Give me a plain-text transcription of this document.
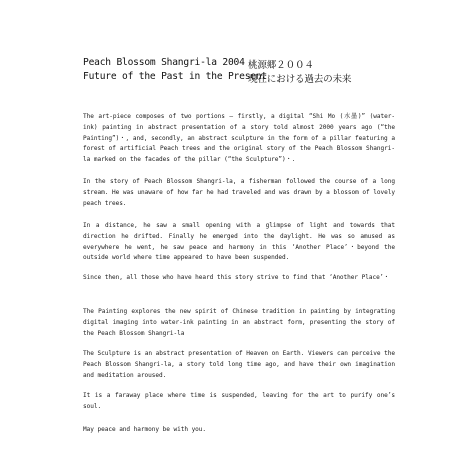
Peach Blossom Shangri-la 2004 桃源郷２００４
Future of the Past in the Present
現在における過去の未来
The art-piece composes of two portions – firstly, a digital “Shi Mo (水墨)” (water-ink) painting in abstract presentation of a story told almost 2000 years ago (“the Painting”)・, and, secondly, an abstract sculpture in the form of a pillar featuring a forest of artificial Peach trees and the original story of the Peach Blossom Shangri-la marked on the facades of the pillar (“the Sculpture”)・.
In the story of Peach Blossom Shangri-la, a fisherman followed the course of a long stream. He was unaware of how far he had traveled and was drawn by a blossom of lovely peach trees.
In a distance, he saw a small opening with a glimpse of light and towards that direction he drifted. Finally he emerged into the daylight. He was so amused as everywhere he went, he saw peace and harmony in this ‘Another Place’・beyond the outside world where time appeared to have been suspended.
Since then, all those who have heard this story strive to find that ‘Another Place’・
The Painting explores the new spirit of Chinese tradition in painting by integrating digital imaging into water-ink painting in an abstract form, presenting the story of the Peach Blossom Shangri-la
The Sculpture is an abstract presentation of Heaven on Earth. Viewers can perceive the Peach Blossom Shangri-la, a story told long time ago, and have their own imagination and meditation aroused.
It is a faraway place where time is suspended, leaving for the art to purify one’s soul.
May peace and harmony be with you.
